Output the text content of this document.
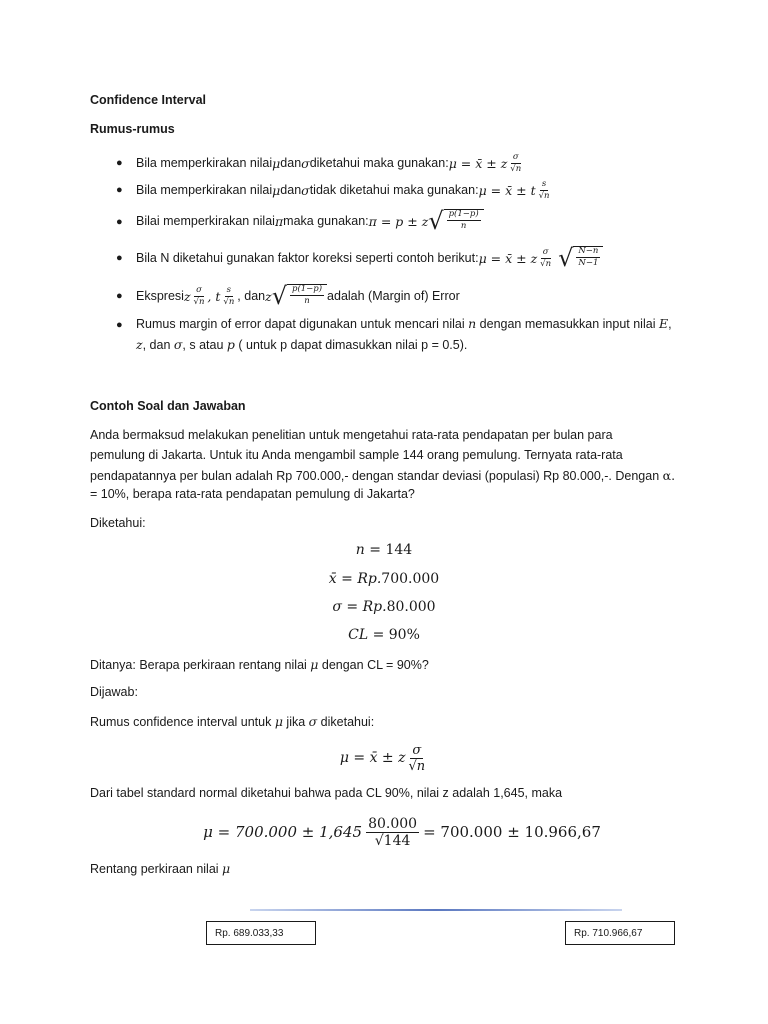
Confidence Interval
Rumus-rumus
● Bila memperkirakan nilai μ dan σ diketahui maka gunakan: μ = x̄ ± z $\frac{\sigma}{√n}$
● Bila memperkirakan nilai μ dan σ tidak diketahui maka gunakan: μ = x̄ ± t $\frac{s}{√n}$
● Bilai memperkirakan nilai π maka gunakan: π = p ± z √ $\frac{p(1-p)}{n}$
● Bila N diketahui gunakan faktor koreksi seperti contoh berikut: μ = x̄ ± z $\frac{\sigma}{√n}$ √ $\frac{N-n}{N-1}$
● Ekspresi z $\frac{\sigma}{√n}$ , t $\frac{s}{√n}$ , dan z √ $\frac{p(1-p)}{n}$ adalah (Margin of) Error
● Rumus margin of error dapat digunakan untuk mencari nilai n dengan memasukkan input nilai E,
z, dan σ, s atau p ( untuk p dapat dimasukkan nilai p = 0.5).
Contoh Soal dan Jawaban
Anda bermaksud melakukan penelitian untuk mengetahui rata-rata pendapatan per bulan para
pemulung di Jakarta. Untuk itu Anda mengambil sample 144 orang pemulung. Ternyata rata-rata
pendapatannya per bulan adalah Rp 700.000,- dengan standar deviasi (populasi) Rp 80.000,-. Dengan α.
= 10%, berapa rata-rata pendapatan pemulung di Jakarta?
Diketahui:
n = 144
x̄ = Rp.700.000
σ = Rp.80.000
CL = 90%
Ditanya: Berapa perkiraan rentang nilai μ dengan CL = 90%?
Dijawab:
Rumus confidence interval untuk μ jika σ diketahui:
μ = x̄ ± z $\frac{\sigma}{√n}$
Dari tabel standard normal diketahui bahwa pada CL 90%, nilai z adalah 1,645, maka
$\mu = 700.000 \pm 1,645 \frac{80.000}{√144} = 700.000 \pm 10.966,67$
Rentang perkiraan nilai μ
Rp. 689.033,33	Rp. 710.966,67
